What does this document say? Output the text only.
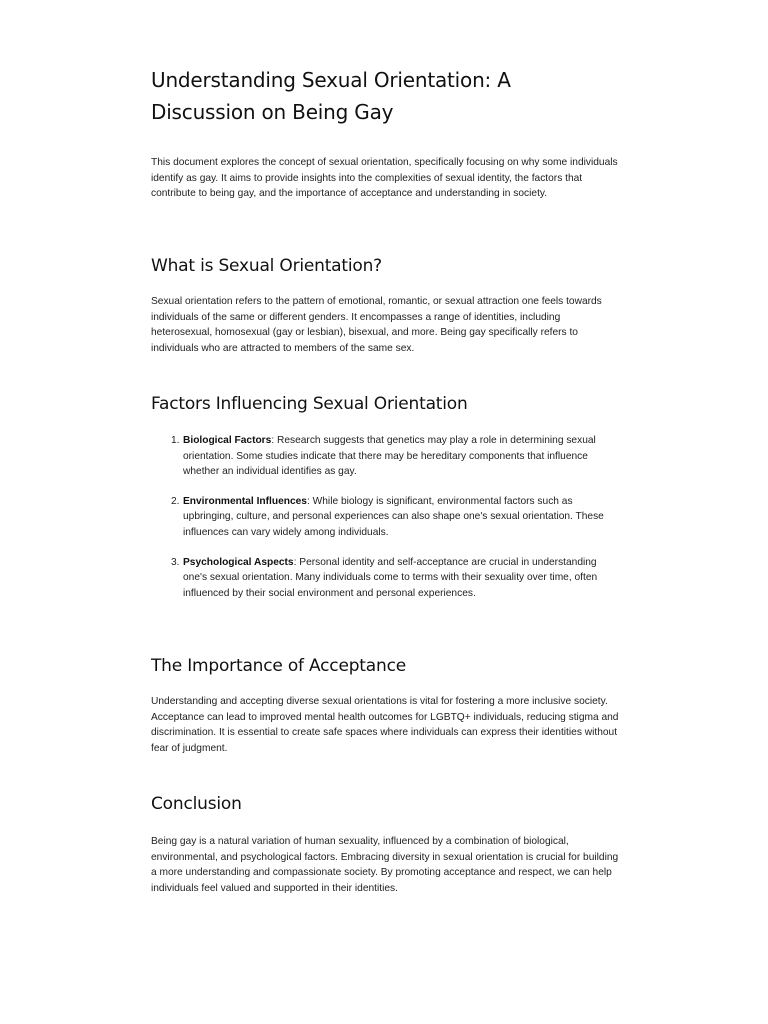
Understanding Sexual Orientation: A Discussion on Being Gay

This document explores the concept of sexual orientation, specifically focusing on why some individuals identify as gay. It aims to provide insights into the complexities of sexual identity, the factors that contribute to being gay, and the importance of acceptance and understanding in society.

What is Sexual Orientation?

Sexual orientation refers to the pattern of emotional, romantic, or sexual attraction one feels towards individuals of the same or different genders. It encompasses a range of identities, including heterosexual, homosexual (gay or lesbian), bisexual, and more. Being gay specifically refers to individuals who are attracted to members of the same sex.

Factors Influencing Sexual Orientation
1. Biological Factors: Research suggests that genetics may play a role in determining sexual orientation. Some studies indicate that there may be hereditary components that influence whether an individual identifies as gay.
2. Environmental Influences: While biology is significant, environmental factors such as upbringing, culture, and personal experiences can also shape one's sexual orientation. These influences can vary widely among individuals.
3. Psychological Aspects: Personal identity and self-acceptance are crucial in understanding one's sexual orientation. Many individuals come to terms with their sexuality over time, often influenced by their social environment and personal experiences.
The Importance of Acceptance

Understanding and accepting diverse sexual orientations is vital for fostering a more inclusive society. Acceptance can lead to improved mental health outcomes for LGBTQ+ individuals, reducing stigma and discrimination. It is essential to create safe spaces where individuals can express their identities without fear of judgment.

Conclusion

Being gay is a natural variation of human sexuality, influenced by a combination of biological, environmental, and psychological factors. Embracing diversity in sexual orientation is crucial for building a more understanding and compassionate society. By promoting acceptance and respect, we can help individuals feel valued and supported in their identities.
